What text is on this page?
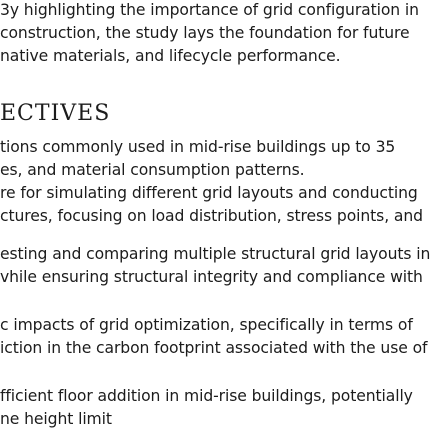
3y highlighting the importance of grid configuration in
construction, the study lays the foundation for future
native materials, and lifecycle performance.
ECTIVES
tions commonly used in mid-rise buildings up to 35
es, and material consumption patterns.
re for simulating different grid layouts and conducting
ctures, focusing on load distribution, stress points, and
esting and comparing multiple structural grid layouts in
vhile ensuring structural integrity and compliance with
c impacts of grid optimization, specifically in terms of
iction in the carbon footprint associated with the use of
fficient floor addition in mid-rise buildings, potentially
ne height limit
